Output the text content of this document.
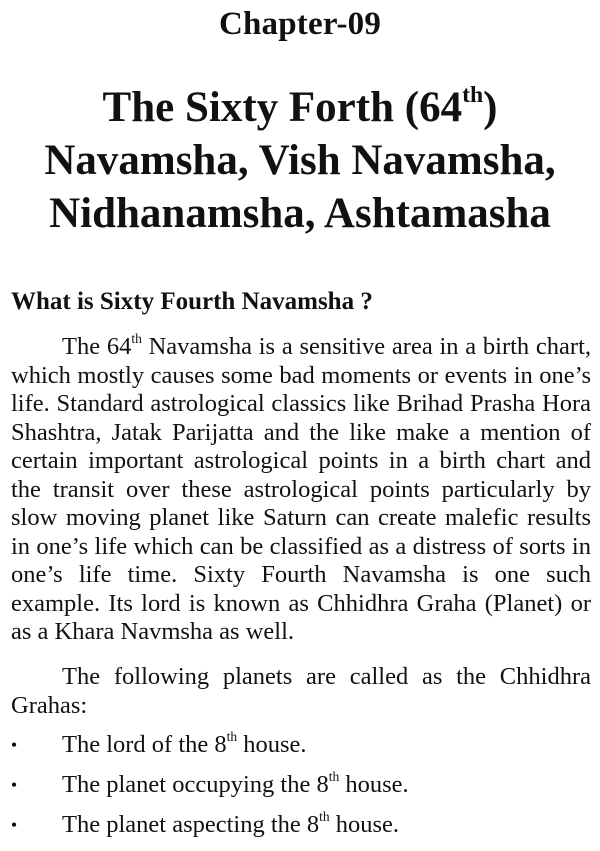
Chapter-09
The Sixty Forth (64th)
Navamsha, Vish Navamsha,
Nidhanamsha, Ashtamasha
What is Sixty Fourth Navamsha ?

The 64th Navamsha is a sensitive area in a birth chart, which mostly causes some bad moments or events in one’s life. Standard astrological classics like Brihad Prasha Hora Shashtra, Jatak Parijatta and the like make a mention of certain important astrological points in a birth chart and the transit over these astrological points particularly by slow moving planet like Saturn can create malefic results in one’s life which can be classified as a distress of sorts in one’s life time. Sixty Fourth Navamsha is one such example. Its lord is known as Chhidhra Graha (Planet) or as a Khara Navmsha as well.

The following planets are called as the Chhidhra Grahas:

• The lord of the 8th house.
• The planet occupying the 8th house.
• The planet aspecting the 8th house.
